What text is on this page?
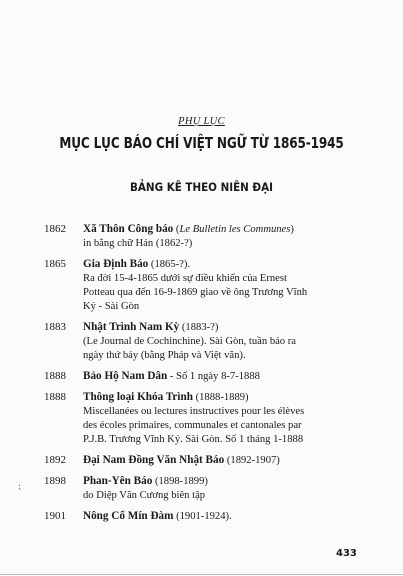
PHỤ LỤC
MỤC LỤC BÁO CHÍ VIỆT NGỮ TỪ 1865-1945
BẢNG KÊ THEO NIÊN ĐẠI
1862 Xã Thôn Công báo (Le Bulletin les Communes)
in bằng chữ Hán (1862-?)
1865 Gia Định Báo (1865-?).
Ra đời 15-4-1865 dưới sự điều khiển của Ernest
Potteau qua đến 16-9-1869 giao về ông Trương Vĩnh
Ký - Sài Gòn
1883 Nhật Trình Nam Kỳ (1883-?)
(Le Journal de Cochinchine). Sài Gòn, tuần báo ra
ngày thứ bảy (bằng Pháp và Việt văn).
1888 Bảo Hộ Nam Dân - Số 1 ngày 8-7-1888
1888 Thông loại Khóa Trình (1888-1889)
Miscellanées ou lectures instructives pour les élèves
des écoles primaires, communales et cantonales par
P.J.B. Trương Vĩnh Ký. Sài Gòn. Số 1 tháng 1-1888
1892 Đại Nam Đồng Văn Nhật Báo (1892-1907)
1898 Phan-Yên Báo (1898-1899)
do Diệp Văn Cương biên tập
1901 Nông Cổ Mín Đàm (1901-1924).
⁏
433
